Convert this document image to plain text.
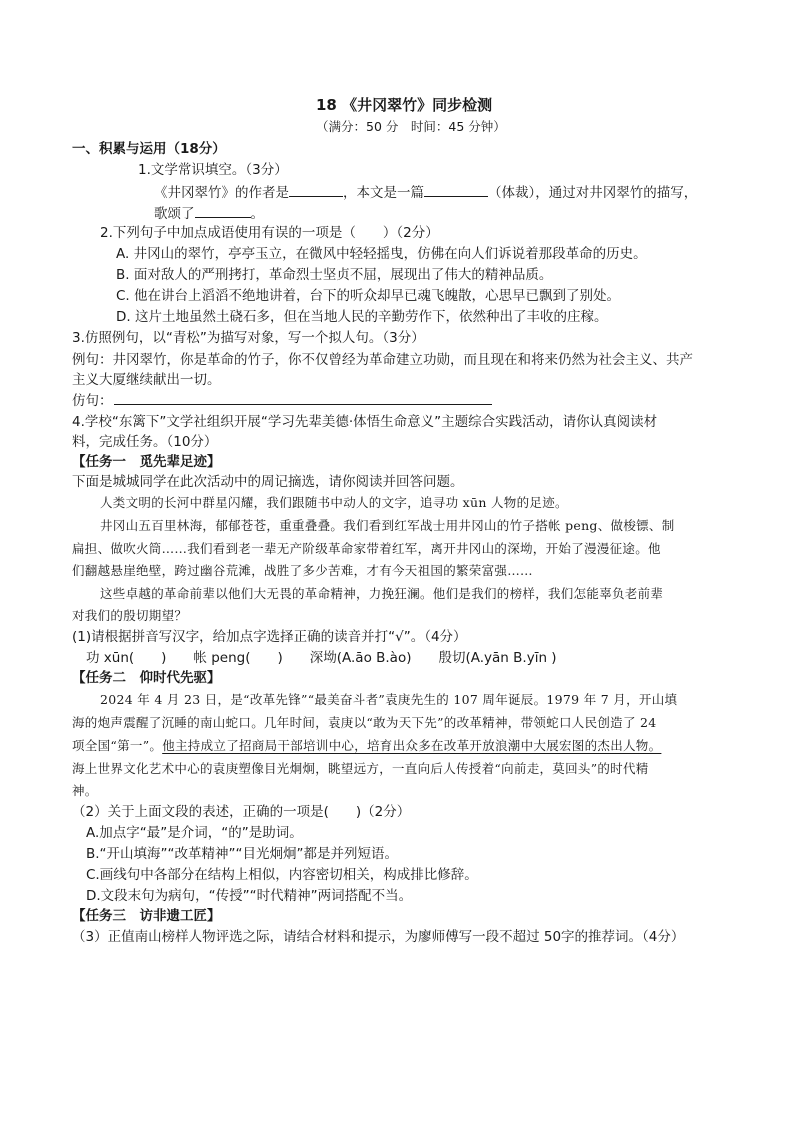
18 《井冈翠竹》同步检测
（满分：50 分　时间：45 分钟）
一、积累与运用（18分）
1.文学常识填空。（3分）
《井冈翠竹》的作者是	，本文是一篇	（体裁），通过对井冈翠竹的描写，
歌颂了	。
2.下列句子中加点成语使用有误的一项是（　　）（2分）
A. 井冈山的翠竹，亭亭玉立，在微风中轻轻摇曳，仿佛在向人们诉说着那段革命的历史。
B. 面对敌人的严刑拷打，革命烈士坚贞不屈，展现出了伟大的精神品质。
C. 他在讲台上滔滔不绝地讲着，台下的听众却早已魂飞魄散，心思早已飘到了别处。
D. 这片土地虽然土硗石多，但在当地人民的辛勤劳作下，依然种出了丰收的庄稼。
3.仿照例句，以“青松”为描写对象，写一个拟人句。（3分）
例句：井冈翠竹，你是革命的竹子，你不仅曾经为革命建立功勋，而且现在和将来仍然为社会主义、共产
主义大厦继续献出一切。
仿句：
4.学校“东篱下”文学社组织开展“学习先辈美德·体悟生命意义”主题综合实践活动，请你认真阅读材
料，完成任务。（10分）
【任务一　觅先辈足迹】
下面是城城同学在此次活动中的周记摘选，请你阅读并回答问题。
人类文明的长河中群星闪耀，我们跟随书中动人的文字，追寻功 xūn 人物的足迹。
井冈山五百里林海，郁郁苍苍，重重叠叠。我们看到红军战士用井冈山的竹子搭帐 peng、做梭镖、制
扁担、做吹火筒……我们看到老一辈无产阶级革命家带着红军，离开井冈山的深坳，开始了漫漫征途。他
们翻越悬崖绝壁，跨过幽谷荒滩，战胜了多少苦难，才有今天祖国的繁荣富强……
这些卓越的革命前辈以他们大无畏的革命精神，力挽狂澜。他们是我们的榜样，我们怎能辜负老前辈
对我们的殷切期望？
(1)请根据拼音写汉字，给加点字选择正确的读音并打“√”。（4分）
功 xūn(　　)　　帐 peng(　　)　　深坳(A.āo B.ào)　　殷切(A.yān B.yīn )
【任务二　仰时代先驱】
2024 年 4 月 23 日，是“改革先锋”“最美奋斗者”袁庚先生的 107 周年诞辰。1979 年 7 月，开山填
海的炮声震醒了沉睡的南山蛇口。几年时间，袁庚以“敢为天下先”的改革精神，带领蛇口人民创造了 24
项全国“第一”。他主持成立了招商局干部培训中心，培育出众多在改革开放浪潮中大展宏图的杰出人物。
海上世界文化艺术中心的袁庚塑像目光炯炯，眺望远方，一直向后人传授着“向前走，莫回头”的时代精
神。
（2）关于上面文段的表述，正确的一项是(　　)（2分）
A.加点字“最”是介词，“的”是助词。
B.“开山填海”“改革精神”“目光炯炯”都是并列短语。
C.画线句中各部分在结构上相似，内容密切相关，构成排比修辞。
D.文段末句为病句，“传授”“时代精神”两词搭配不当。
【任务三　访非遗工匠】
（3）正值南山榜样人物评选之际，请结合材料和提示，为廖师傅写一段不超过 50字的推荐词。（4分）
